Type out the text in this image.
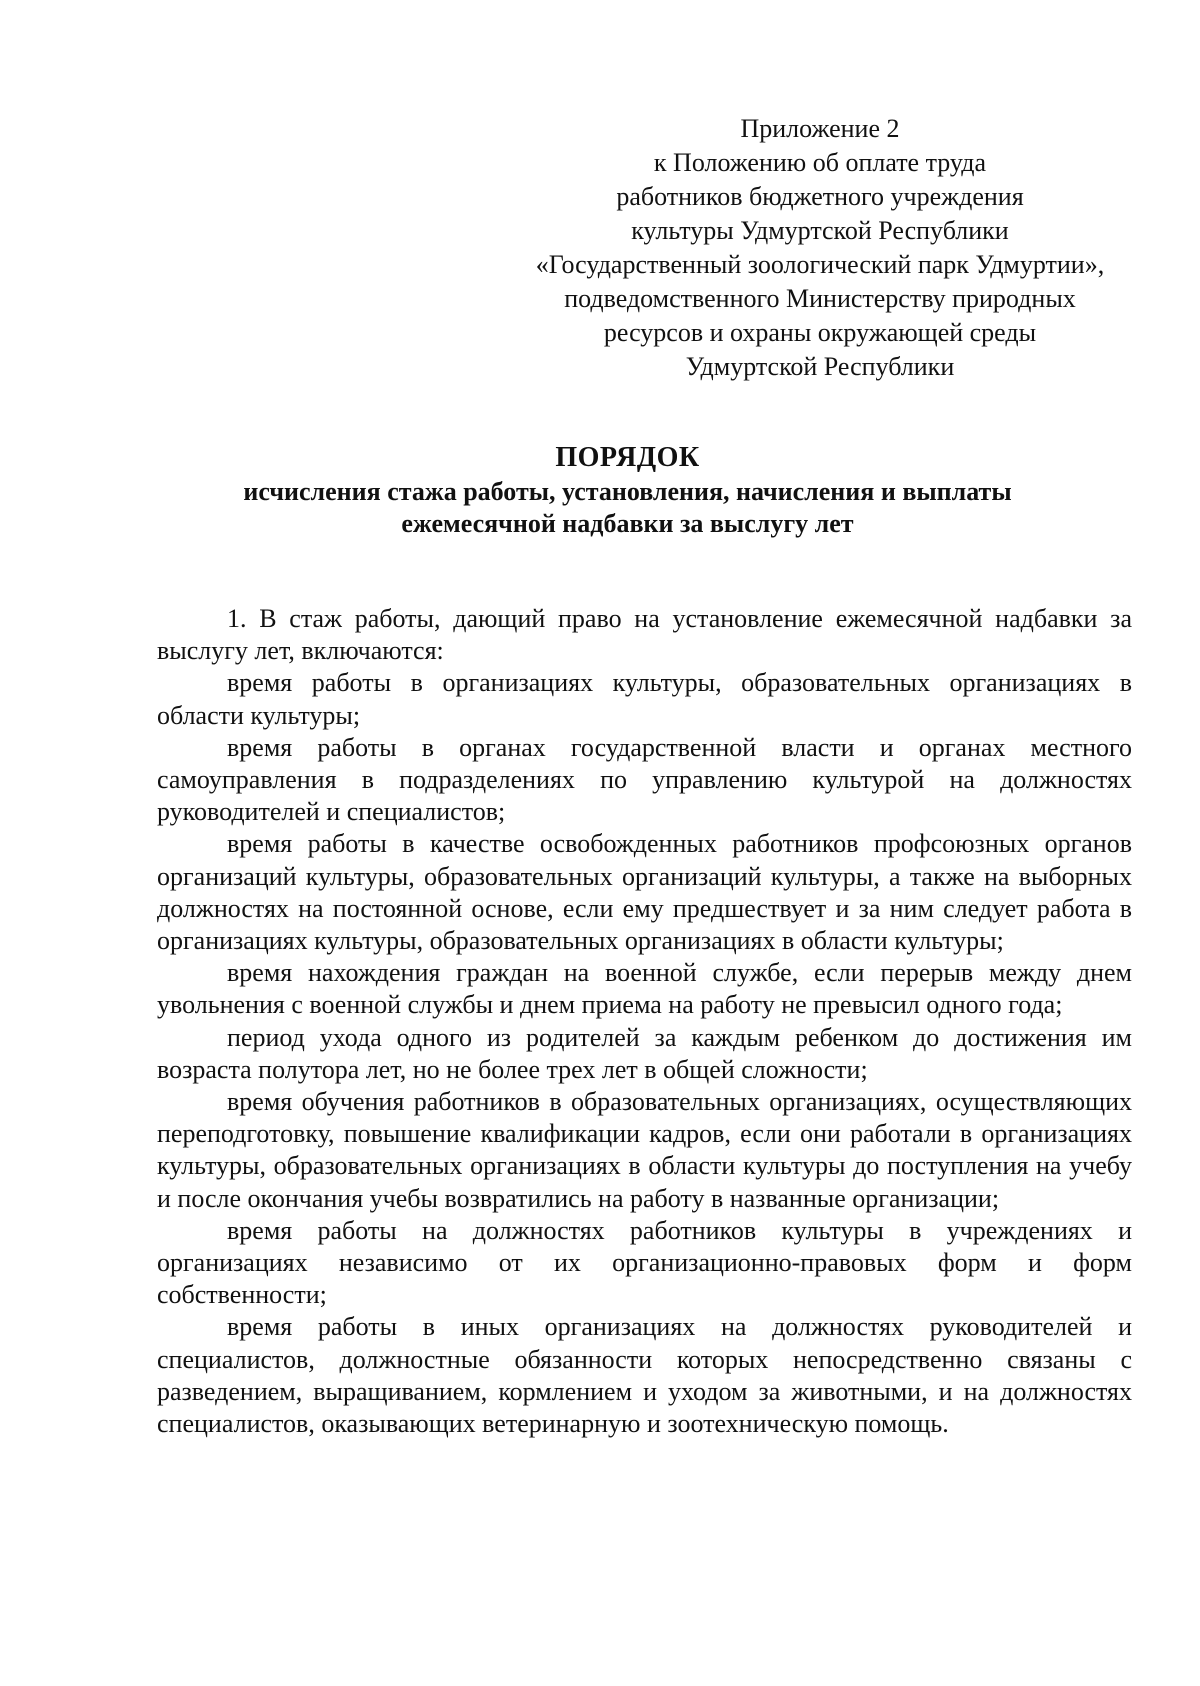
Приложение 2
к Положению об оплате труда
работников бюджетного учреждения
культуры Удмуртской Республики
«Государственный зоологический парк Удмуртии»,
подведомственного Министерству природных
ресурсов и охраны окружающей среды
Удмуртской Республики
ПОРЯДОК
исчисления стажа работы, установления, начисления и выплаты
ежемесячной надбавки за выслугу лет

1. В стаж работы, дающий право на установление ежемесячной надбавки за выслугу лет, включаются:

время работы в организациях культуры, образовательных организациях в области культуры;

время работы в органах государственной власти и органах местного самоуправления в подразделениях по управлению культурой на должностях руководителей и специалистов;

время работы в качестве освобожденных работников профсоюзных органов организаций культуры, образовательных организаций культуры, а также на выборных должностях на постоянной основе, если ему предшествует и за ним следует работа в организациях культуры, образовательных организациях в области культуры;

время нахождения граждан на военной службе, если перерыв между днем увольнения с военной службы и днем приема на работу не превысил одного года;

период ухода одного из родителей за каждым ребенком до достижения им возраста полутора лет, но не более трех лет в общей сложности;

время обучения работников в образовательных организациях, осуществляющих переподготовку, повышение квалификации кадров, если они работали в организациях культуры, образовательных организациях в области культуры до поступления на учебу и после окончания учебы возвратились на работу в названные организации;

время работы на должностях работников культуры в учреждениях и организациях независимо от их организационно-правовых форм и форм собственности;

время работы в иных организациях на должностях руководителей и специалистов, должностные обязанности которых непосредственно связаны с разведением, выращиванием, кормлением и уходом за животными, и на должностях специалистов, оказывающих ветеринарную и зоотехническую помощь.
